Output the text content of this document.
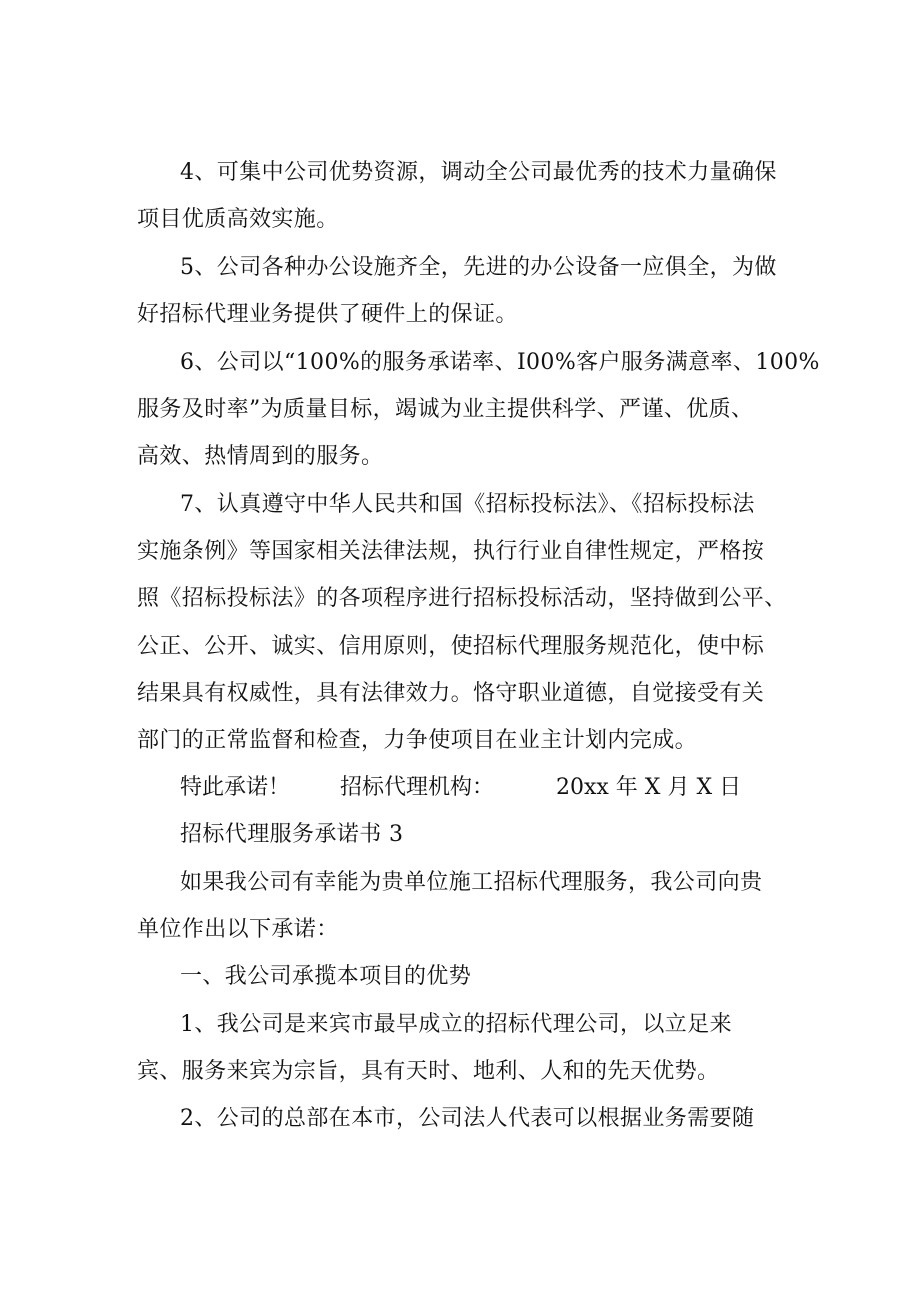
4、可集中公司优势资源，调动全公司最优秀的技术力量确保
项目优质高效实施。
5、公司各种办公设施齐全，先进的办公设备一应俱全，为做
好招标代理业务提供了硬件上的保证。
6、公司以“100%的服务承诺率、I00%客户服务满意率、100%
服务及时率”为质量目标，竭诚为业主提供科学、严谨、优质、
高效、热情周到的服务。
7、认真遵守中华人民共和国《招标投标法》、《招标投标法
实施条例》等国家相关法律法规，执行行业自律性规定，严格按
照《招标投标法》的各项程序进行招标投标活动，坚持做到公平、
公正、公开、诚实、信用原则，使招标代理服务规范化，使中标
结果具有权威性，具有法律效力。恪守职业道德，自觉接受有关
部门的正常监督和检查，力争使项目在业主计划内完成。
特此承诺！ 招标代理机构：	20xx 年 X 月 X 日
招标代理服务承诺书 3
如果我公司有幸能为贵单位施工招标代理服务，我公司向贵
单位作出以下承诺：
一、我公司承揽本项目的优势
1、我公司是来宾市最早成立的招标代理公司，以立足来
宾、服务来宾为宗旨，具有天时、地利、人和的先天优势。
2、公司的总部在本市，公司法人代表可以根据业务需要随
